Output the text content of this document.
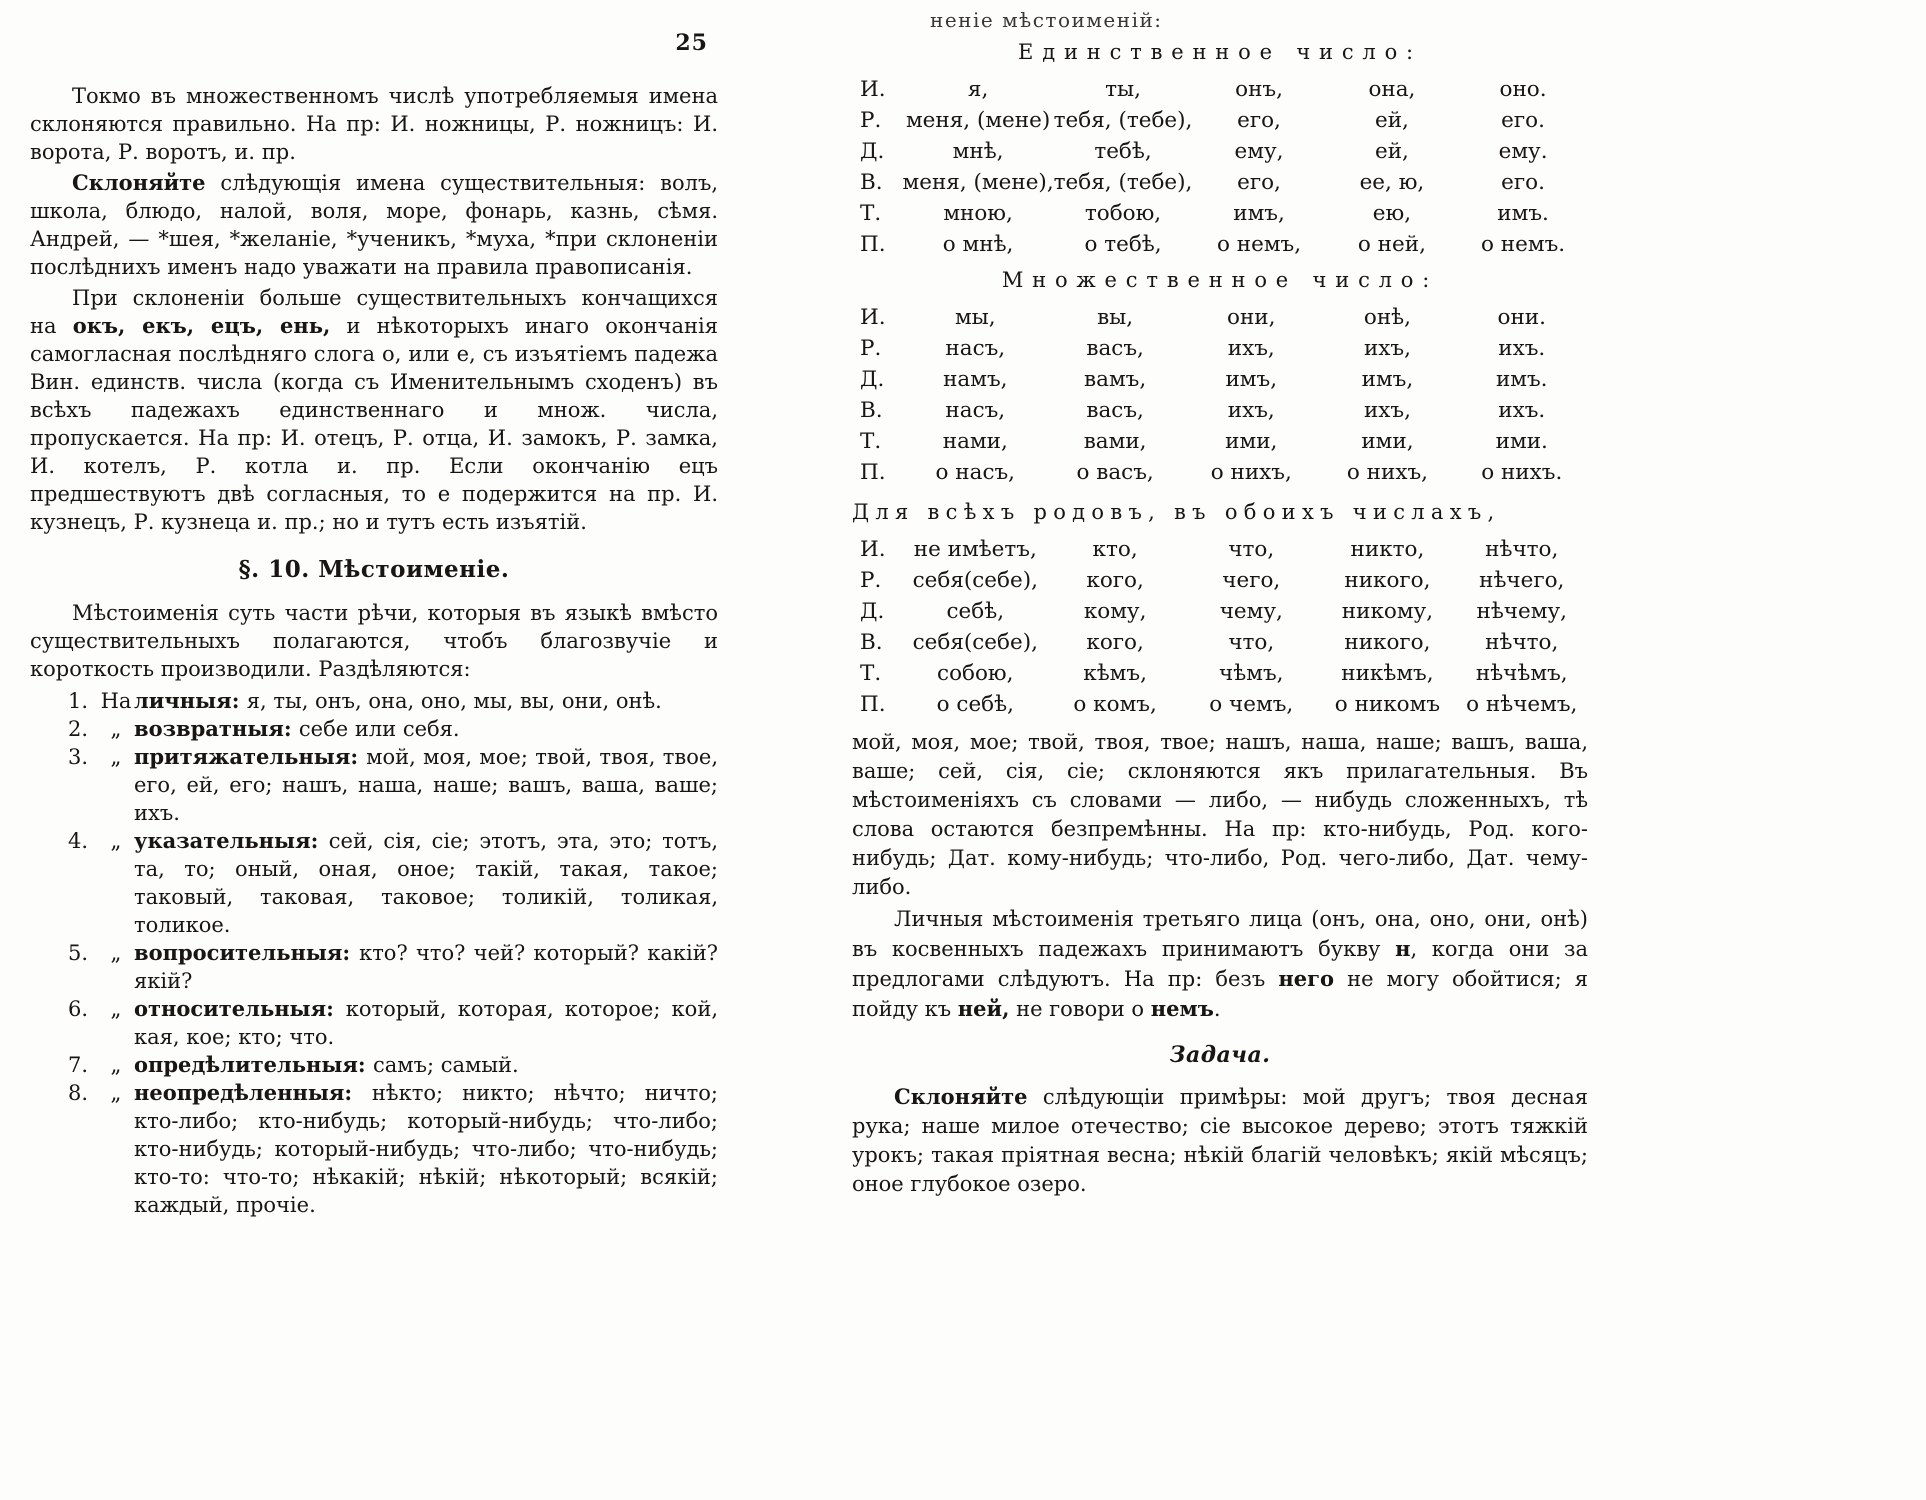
25

Токмо въ множественномъ числѣ употребляемыя имена склоняются правильно. На пр: И. ножницы, Р. ножницъ: И. ворота, Р. воротъ, и. пр.

Склоняйте слѣдующія имена существительныя: волъ, школа, блюдо, налой, воля, море, фонарь, казнь, сѣмя. Андрей, — *шея, *желаніе, *ученикъ, *муха, *при склоненіи послѣднихъ именъ надо уважати на правила правописанія.

При склоненіи больше существительныхъ кончащихся на окъ, екъ, ецъ, ень, и нѣкоторыхъ инаго окончанія самогласная послѣдняго слога о, или е, съ изъятіемъ падежа Вин. единств. числа (когда съ Именительнымъ сходенъ) въ всѣхъ падежахъ единственнаго и множ. числа, пропускается. На пр: И. отецъ, Р. отца, И. замокъ, Р. замка, И. котелъ, Р. котла и. пр. Если окончанію ецъ предшествуютъ двѣ согласныя, то е подержится на пр. И. кузнецъ, Р. кузнеца и. пр.; но и тутъ есть изъятій.

§. 10. Мѣстоименіе.

Мѣстоименія суть части рѣчи, которыя въ языкѣ вмѣсто существительныхъ полагаются, чтобъ благозвучіе и короткость производили. Раздѣляются:

1. На личныя: я, ты, онъ, она, оно, мы, вы, они, онѣ.
2.	„ возвратныя: себе или себя.
3.	„ притяжательныя: мой, моя, мое; твой, твоя, твое, его, ей, его; нашъ, наша, наше; вашъ, ваша, ваше; ихъ.
4.	„ указательныя: сей, сія, сіе; этотъ, эта, это; тотъ, та, то; оный, оная, оное; такій, такая, такое; таковый, таковая, таковое; толикій, толикая, толикое.
5.	„ вопросительныя: кто? что? чей? который? какій? якій?
6.	„ относительныя: который, которая, которое; кой, кая, кое; кто; что.
7.	„ опредѣлительныя: самъ; самый.
8.	„ неопредѣленныя: нѣкто; никто; нѣчто; ничто; кто-либо; кто-нибудь; который-нибудь; что-либо; кто-нибудь; который-нибудь; что-либо; что-нибудь; кто-то: что-то; нѣкакій; нѣкій; нѣкоторый; всякій; каждый, прочіе.
неніе мѣстоименій:
Единственное число:
И.	я,	ты,	онъ,	она,	оно.
Р.	меня, (мене)	тебя, (тебе),	его,	ей,	его.
Д.	мнѣ,	тебѣ,	ему,	ей,	ему.
В.	меня, (мене),	тебя, (тебе),	его,	ее, ю,	его.
Т.	мною,	тобою,	имъ,	ею,	имъ.
П.	о мнѣ,	о тебѣ,	о немъ,	о ней,	о немъ.
Множественное число:
И.	мы,	вы,	они,	онѣ,	они.
Р.	насъ,	васъ,	ихъ,	ихъ,	ихъ.
Д.	намъ,	вамъ,	имъ,	имъ,	имъ.
В.	насъ,	васъ,	ихъ,	ихъ,	ихъ.
Т.	нами,	вами,	ими,	ими,	ими.
П.	о насъ,	о васъ,	о нихъ,	о нихъ,	о нихъ.
Для всѣхъ родовъ, въ обоихъ числахъ,
И.	не имѣетъ,	кто,	что,	никто,	нѣчто,
Р.	себя(себе),	кого,	чего,	никого,	нѣчего,
Д.	себѣ,	кому,	чему,	никому,	нѣчему,
В.	себя(себе),	кого,	что,	никого,	нѣчто,
Т.	собою,	кѣмъ,	чѣмъ,	никѣмъ,	нѣчѣмъ,
П.	о себѣ,	о комъ,	о чемъ,	о никомъ	о нѣчемъ,

мой, моя, мое; твой, твоя, твое; нашъ, наша, наше; вашъ, ваша, ваше; сей, сія, сіе; склоняются якъ прилагательныя. Въ мѣстоименіяхъ съ словами — либо, — нибудь сложенныхъ, тѣ слова остаются безпремѣнны. На пр: кто-нибудь, Род. кого-нибудь; Дат. кому-нибудь; что-либо, Род. чего-либо, Дат. чему-либо.

Личныя мѣстоименія третьяго лица (онъ, она, оно, они, онѣ) въ косвенныхъ падежахъ принимаютъ букву н, когда они за предлогами слѣдуютъ. На пр: безъ него не могу обойтися; я пойду къ ней, не говори о немъ.

Задача.

Склоняйте слѣдующіи примѣры: мой другъ; твоя десная рука; наше милое отечество; сіе высокое дерево; этотъ тяжкій урокъ; такая пріятная весна; нѣкій благій человѣкъ; якій мѣсяцъ; оное глубокое озеро.
